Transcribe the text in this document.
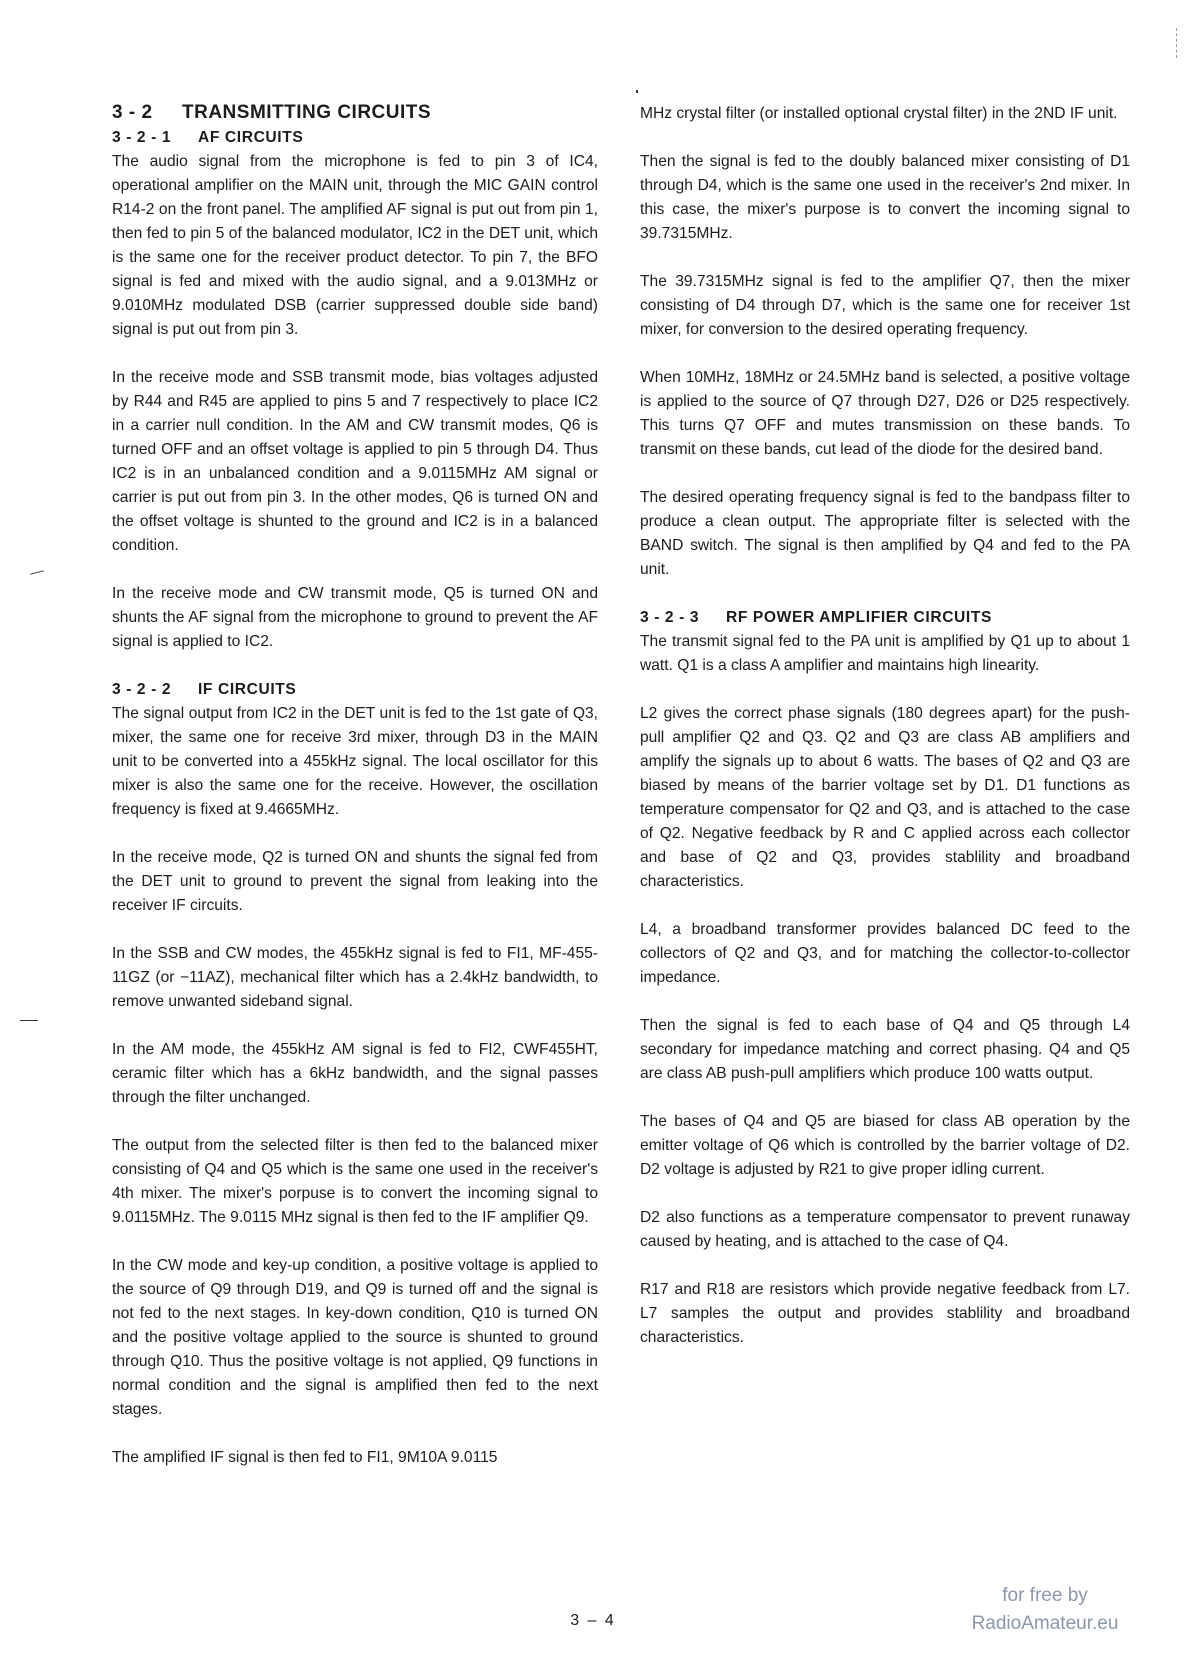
3 - 2 TRANSMITTING CIRCUITS
3 - 2 - 1 AF CIRCUITS

The audio signal from the microphone is fed to pin 3 of IC4, operational amplifier on the MAIN unit, through the MIC GAIN control R14-2 on the front panel. The amplified AF signal is put out from pin 1, then fed to pin 5 of the balanced modulator, IC2 in the DET unit, which is the same one for the receiver product detector. To pin 7, the BFO signal is fed and mixed with the audio signal, and a 9.013MHz or 9.010MHz modulated DSB (carrier suppressed double side band) signal is put out from pin 3.

In the receive mode and SSB transmit mode, bias voltages adjusted by R44 and R45 are applied to pins 5 and 7 respectively to place IC2 in a carrier null condition. In the AM and CW transmit modes, Q6 is turned OFF and an offset voltage is applied to pin 5 through D4. Thus IC2 is in an unbalanced condition and a 9.0115MHz AM signal or carrier is put out from pin 3. In the other modes, Q6 is turned ON and the offset voltage is shunted to the ground and IC2 is in a balanced condition.

In the receive mode and CW transmit mode, Q5 is turned ON and shunts the AF signal from the microphone to ground to prevent the AF signal is applied to IC2.

3 - 2 - 2 IF CIRCUITS

The signal output from IC2 in the DET unit is fed to the 1st gate of Q3, mixer, the same one for receive 3rd mixer, through D3 in the MAIN unit to be converted into a 455kHz signal. The local oscillator for this mixer is also the same one for the receive. However, the oscillation frequency is fixed at 9.4665MHz.

In the receive mode, Q2 is turned ON and shunts the signal fed from the DET unit to ground to prevent the signal from leaking into the receiver IF circuits.

In the SSB and CW modes, the 455kHz signal is fed to FI1, MF-455-11GZ (or −11AZ), mechanical filter which has a 2.4kHz bandwidth, to remove unwanted sideband signal.

In the AM mode, the 455kHz AM signal is fed to FI2, CWF455HT, ceramic filter which has a 6kHz bandwidth, and the signal passes through the filter unchanged.

The output from the selected filter is then fed to the balanced mixer consisting of Q4 and Q5 which is the same one used in the receiver's 4th mixer. The mixer's porpuse is to convert the incoming signal to 9.0115MHz. The 9.0115 MHz signal is then fed to the IF amplifier Q9.

In the CW mode and key-up condition, a positive voltage is applied to the source of Q9 through D19, and Q9 is turned off and the signal is not fed to the next stages. In key-down condition, Q10 is turned ON and the positive voltage applied to the source is shunted to ground through Q10. Thus the positive voltage is not applied, Q9 functions in normal condition and the signal is amplified then fed to the next stages.

The amplified IF signal is then fed to FI1, 9M10A 9.0115

MHz crystal filter (or installed optional crystal filter) in the 2ND IF unit.

Then the signal is fed to the doubly balanced mixer consisting of D1 through D4, which is the same one used in the receiver's 2nd mixer. In this case, the mixer's purpose is to convert the incoming signal to 39.7315MHz.

The 39.7315MHz signal is fed to the amplifier Q7, then the mixer consisting of D4 through D7, which is the same one for receiver 1st mixer, for conversion to the desired operating frequency.

When 10MHz, 18MHz or 24.5MHz band is selected, a positive voltage is applied to the source of Q7 through D27, D26 or D25 respectively. This turns Q7 OFF and mutes transmission on these bands. To transmit on these bands, cut lead of the diode for the desired band.

The desired operating frequency signal is fed to the bandpass filter to produce a clean output. The appropriate filter is selected with the BAND switch. The signal is then amplified by Q4 and fed to the PA unit.

3 - 2 - 3 RF POWER AMPLIFIER CIRCUITS

The transmit signal fed to the PA unit is amplified by Q1 up to about 1 watt. Q1 is a class A amplifier and maintains high linearity.

L2 gives the correct phase signals (180 degrees apart) for the push-pull amplifier Q2 and Q3. Q2 and Q3 are class AB amplifiers and amplify the signals up to about 6 watts. The bases of Q2 and Q3 are biased by means of the barrier voltage set by D1. D1 functions as temperature compensator for Q2 and Q3, and is attached to the case of Q2. Negative feedback by R and C applied across each collector and base of Q2 and Q3, provides stablility and broadband characteristics.

L4, a broadband transformer provides balanced DC feed to the collectors of Q2 and Q3, and for matching the collector-to-collector impedance.

Then the signal is fed to each base of Q4 and Q5 through L4 secondary for impedance matching and correct phasing. Q4 and Q5 are class AB push-pull amplifiers which produce 100 watts output.

The bases of Q4 and Q5 are biased for class AB operation by the emitter voltage of Q6 which is controlled by the barrier voltage of D2. D2 voltage is adjusted by R21 to give proper idling current.

D2 also functions as a temperature compensator to prevent runaway caused by heating, and is attached to the case of Q4.

R17 and R18 are resistors which provide negative feedback from L7. L7 samples the output and provides stablility and broadband characteristics.

3 – 4
for free by
RadioAmateur.eu
